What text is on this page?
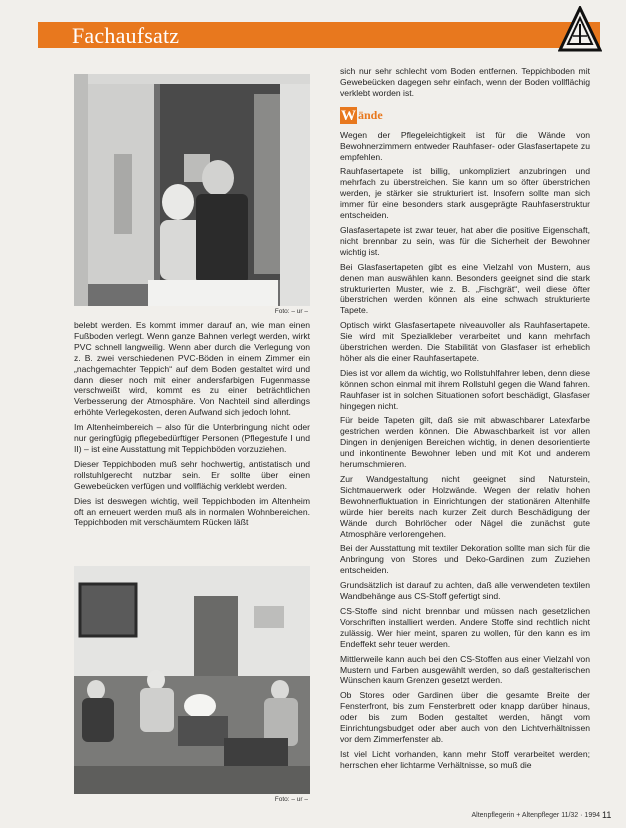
Fachaufsatz
Foto: – ur –

belebt werden. Es kommt immer darauf an, wie man einen Fußboden verlegt. Wenn ganze Bahnen verlegt werden, wirkt PVC schnell langweilig. Wenn aber durch die Verlegung von z. B. zwei verschiedenen PVC-Böden in einem Zimmer ein „nachgemachter Teppich“ auf dem Boden gestaltet wird und dann dieser noch mit einer andersfarbigen Fugenmasse verschweißt wird, kommt es zu einer beträchtlichen Verbesserung der Atmosphäre. Von Nachteil sind allerdings erhöhte Verlegekosten, deren Aufwand sich jedoch lohnt.

Im Altenheimbereich – also für die Unterbringung nicht oder nur geringfügig pflegebedürftiger Personen (Pflegestufe I und II) – ist eine Ausstattung mit Teppichböden vorzuziehen.

Dieser Teppichboden muß sehr hochwertig, antistatisch und rollstuhlgerecht nutzbar sein. Er sollte über einen Gewebeücken verfügen und vollflächig verklebt werden.

Dies ist deswegen wichtig, weil Teppichboden im Altenheim oft an erneuert werden muß als in normalen Wohnbereichen. Teppichboden mit verschäumtem Rücken läßt

Foto: – ur –

sich nur sehr schlecht vom Boden entfernen. Teppichboden mit Gewebeücken dagegen sehr einfach, wenn der Boden vollflächig verklebt worden ist.

W ände

Wegen der Pflegeleichtigkeit ist für die Wände von Bewohnerzimmern entweder Rauhfaser- oder Glasfasertapete zu empfehlen.

Rauhfasertapete ist billig, unkompliziert anzubringen und mehrfach zu überstreichen. Sie kann um so öfter überstrichen werden, je stärker sie strukturiert ist. Insofern sollte man sich immer für eine besonders stark ausgeprägte Rauhfaserstruktur entscheiden.

Glasfasertapete ist zwar teuer, hat aber die positive Eigenschaft, nicht brennbar zu sein, was für die Sicherheit der Bewohner wichtig ist.

Bei Glasfasertapeten gibt es eine Vielzahl von Mustern, aus denen man auswählen kann. Besonders geeignet sind die stark strukturierten Muster, wie z. B. „Fischgrät“, weil diese öfter überstrichen werden können als eine schwach strukturierte Tapete.

Optisch wirkt Glasfasertapete niveauvoller als Rauhfasertapete. Sie wird mit Spezialkleber verarbeitet und kann mehrfach überstrichen werden. Die Stabilität von Glasfaser ist erheblich höher als die einer Rauhfasertapete.

Dies ist vor allem da wichtig, wo Rollstuhlfahrer leben, denn diese können schon einmal mit ihrem Rollstuhl gegen die Wand fahren. Rauhfaser ist in solchen Situationen sofort beschädigt, Glasfaser hingegen nicht.

Für beide Tapeten gilt, daß sie mit abwaschbarer Latexfarbe gestrichen werden können. Die Abwaschbarkeit ist vor allen Dingen in denjenigen Bereichen wichtig, in denen desorientierte und inkontinente Bewohner leben und mit Kot und anderem herumschmieren.

Zur Wandgestaltung nicht geeignet sind Naturstein, Sichtmauerwerk oder Holzwände. Wegen der relativ hohen Bewohnerfluktuation in Einrichtungen der stationären Altenhilfe würde hier bereits nach kurzer Zeit durch Beschädigung der Wände durch Bohrlöcher oder Nägel die zunächst gute Atmosphäre verlorengehen.

Bei der Ausstattung mit textiler Dekoration sollte man sich für die Anbringung von Stores und Deko-Gardinen zum Zuziehen entscheiden.

Grundsätzlich ist darauf zu achten, daß alle verwendeten textilen Wandbehänge aus CS-Stoff gefertigt sind.

CS-Stoffe sind nicht brennbar und müssen nach gesetzlichen Vorschriften installiert werden. Andere Stoffe sind rechtlich nicht zulässig. Wer hier meint, sparen zu wollen, für den kann es im Endeffekt sehr teuer werden.

Mittlerweile kann auch bei den CS-Stoffen aus einer Vielzahl von Mustern und Farben ausgewählt werden, so daß gestalterischen Wünschen kaum Grenzen gesetzt werden.

Ob Stores oder Gardinen über die gesamte Breite der Fensterfront, bis zum Fensterbrett oder knapp darüber hinaus, oder bis zum Boden gestaltet werden, hängt vom Einrichtungsbudget oder aber auch von den Lichtverhältnissen vor dem Zimmerfenster ab.

Ist viel Licht vorhanden, kann mehr Stoff verarbeitet werden; herrschen eher lichtarme Verhältnisse, so muß die

Altenpflegerin + Altenpfleger 11/32 · 1994 11
